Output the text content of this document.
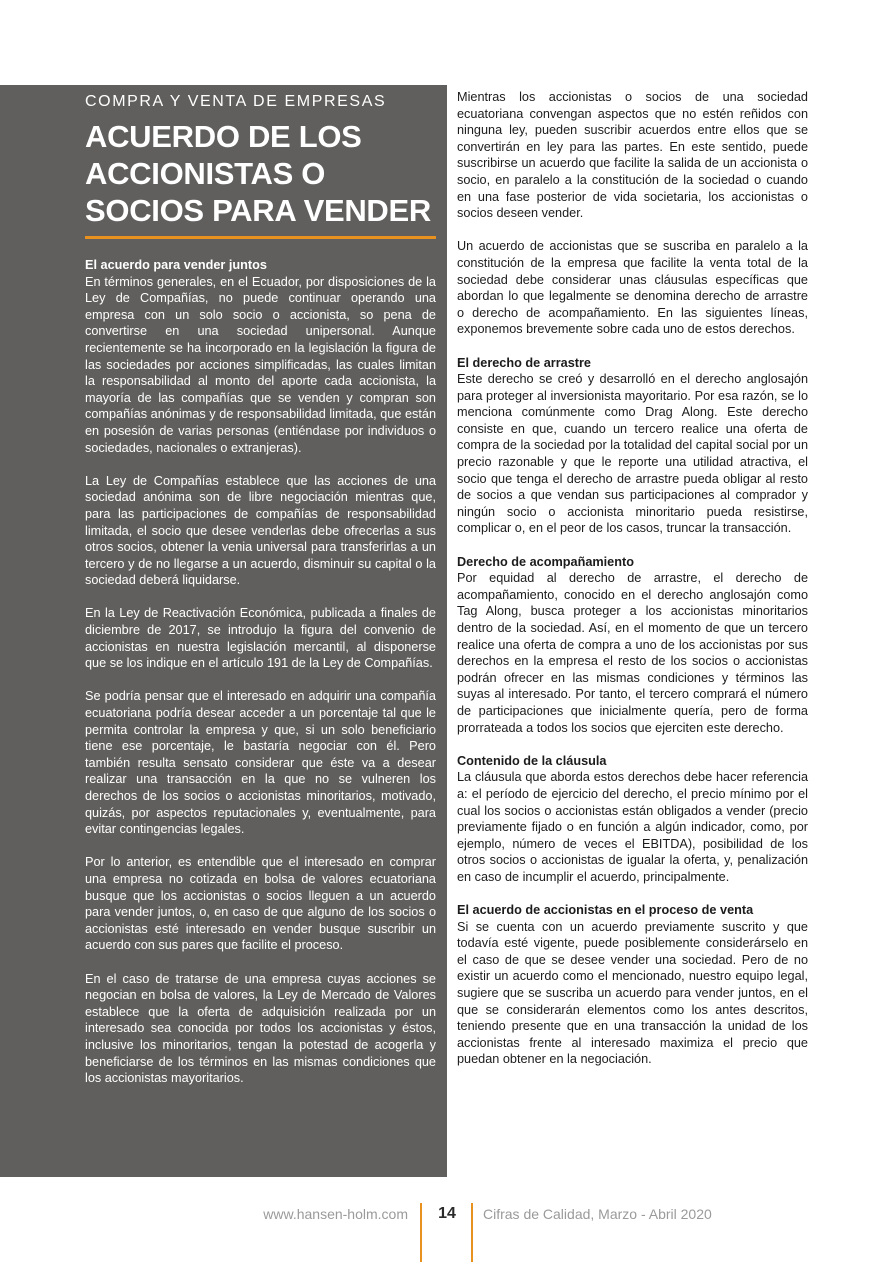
COMPRA Y VENTA DE EMPRESAS
ACUERDO DE LOS ACCIONISTAS O SOCIOS PARA VENDER

El acuerdo para vender juntos
En términos generales, en el Ecuador, por disposiciones de la Ley de Compañías, no puede continuar operando una empresa con un solo socio o accionista, so pena de convertirse en una sociedad unipersonal. Aunque recientemente se ha incorporado en la legislación la figura de las sociedades por acciones simplificadas, las cuales limitan la responsabilidad al monto del aporte cada accionista, la mayoría de las compañías que se venden y compran son compañías anónimas y de responsabilidad limitada, que están en posesión de varias personas (entiéndase por individuos o sociedades, nacionales o extranjeras).

La Ley de Compañías establece que las acciones de una sociedad anónima son de libre negociación mientras que, para las participaciones de compañías de responsabilidad limitada, el socio que desee venderlas debe ofrecerlas a sus otros socios, obtener la venia universal para transferirlas a un tercero y de no llegarse a un acuerdo, disminuir su capital o la sociedad deberá liquidarse.

En la Ley de Reactivación Económica, publicada a finales de diciembre de 2017, se introdujo la figura del convenio de accionistas en nuestra legislación mercantil, al disponerse que se los indique en el artículo 191 de la Ley de Compañías.

Se podría pensar que el interesado en adquirir una compañía ecuatoriana podría desear acceder a un porcentaje tal que le permita controlar la empresa y que, si un solo beneficiario tiene ese porcentaje, le bastaría negociar con él. Pero también resulta sensato considerar que éste va a desear realizar una transacción en la que no se vulneren los derechos de los socios o accionistas minoritarios, motivado, quizás, por aspectos reputacionales y, eventualmente, para evitar contingencias legales.

Por lo anterior, es entendible que el interesado en comprar una empresa no cotizada en bolsa de valores ecuatoriana busque que los accionistas o socios lleguen a un acuerdo para vender juntos, o, en caso de que alguno de los socios o accionistas esté interesado en vender busque suscribir un acuerdo con sus pares que facilite el proceso.

En el caso de tratarse de una empresa cuyas acciones se negocian en bolsa de valores, la Ley de Mercado de Valores establece que la oferta de adquisición realizada por un interesado sea conocida por todos los accionistas y éstos, inclusive los minoritarios, tengan la potestad de acogerla y beneficiarse de los términos en las mismas condiciones que los accionistas mayoritarios.

Mientras los accionistas o socios de una sociedad ecuatoriana convengan aspectos que no estén reñidos con ninguna ley, pueden suscribir acuerdos entre ellos que se convertirán en ley para las partes. En este sentido, puede suscribirse un acuerdo que facilite la salida de un accionista o socio, en paralelo a la constitución de la sociedad o cuando en una fase posterior de vida societaria, los accionistas o socios deseen vender.

Un acuerdo de accionistas que se suscriba en paralelo a la constitución de la empresa que facilite la venta total de la sociedad debe considerar unas cláusulas específicas que abordan lo que legalmente se denomina derecho de arrastre o derecho de acompañamiento. En las siguientes líneas, exponemos brevemente sobre cada uno de estos derechos.

El derecho de arrastre
Este derecho se creó y desarrolló en el derecho anglosajón para proteger al inversionista mayoritario. Por esa razón, se lo menciona comúnmente como Drag Along. Este derecho consiste en que, cuando un tercero realice una oferta de compra de la sociedad por la totalidad del capital social por un precio razonable y que le reporte una utilidad atractiva, el socio que tenga el derecho de arrastre pueda obligar al resto de socios a que vendan sus participaciones al comprador y ningún socio o accionista minoritario pueda resistirse, complicar o, en el peor de los casos, truncar la transacción.

Derecho de acompañamiento
Por equidad al derecho de arrastre, el derecho de acompañamiento, conocido en el derecho anglosajón como Tag Along, busca proteger a los accionistas minoritarios dentro de la sociedad. Así, en el momento de que un tercero realice una oferta de compra a uno de los accionistas por sus derechos en la empresa el resto de los socios o accionistas podrán ofrecer en las mismas condiciones y términos las suyas al interesado. Por tanto, el tercero comprará el número de participaciones que inicialmente quería, pero de forma prorrateada a todos los socios que ejerciten este derecho.

Contenido de la cláusula
La cláusula que aborda estos derechos debe hacer referencia a: el período de ejercicio del derecho, el precio mínimo por el cual los socios o accionistas están obligados a vender (precio previamente fijado o en función a algún indicador, como, por ejemplo, número de veces el EBITDA), posibilidad de los otros socios o accionistas de igualar la oferta, y, penalización en caso de incumplir el acuerdo, principalmente.

El acuerdo de accionistas en el proceso de venta
Si se cuenta con un acuerdo previamente suscrito y que todavía esté vigente, puede posiblemente considerárselo en el caso de que se desee vender una sociedad. Pero de no existir un acuerdo como el mencionado, nuestro equipo legal, sugiere que se suscriba un acuerdo para vender juntos, en el que se considerarán elementos como los antes descritos, teniendo presente que en una transacción la unidad de los accionistas frente al interesado maximiza el precio que puedan obtener en la negociación.

www.hansen-holm.com	14	Cifras de Calidad, Marzo - Abril 2020
